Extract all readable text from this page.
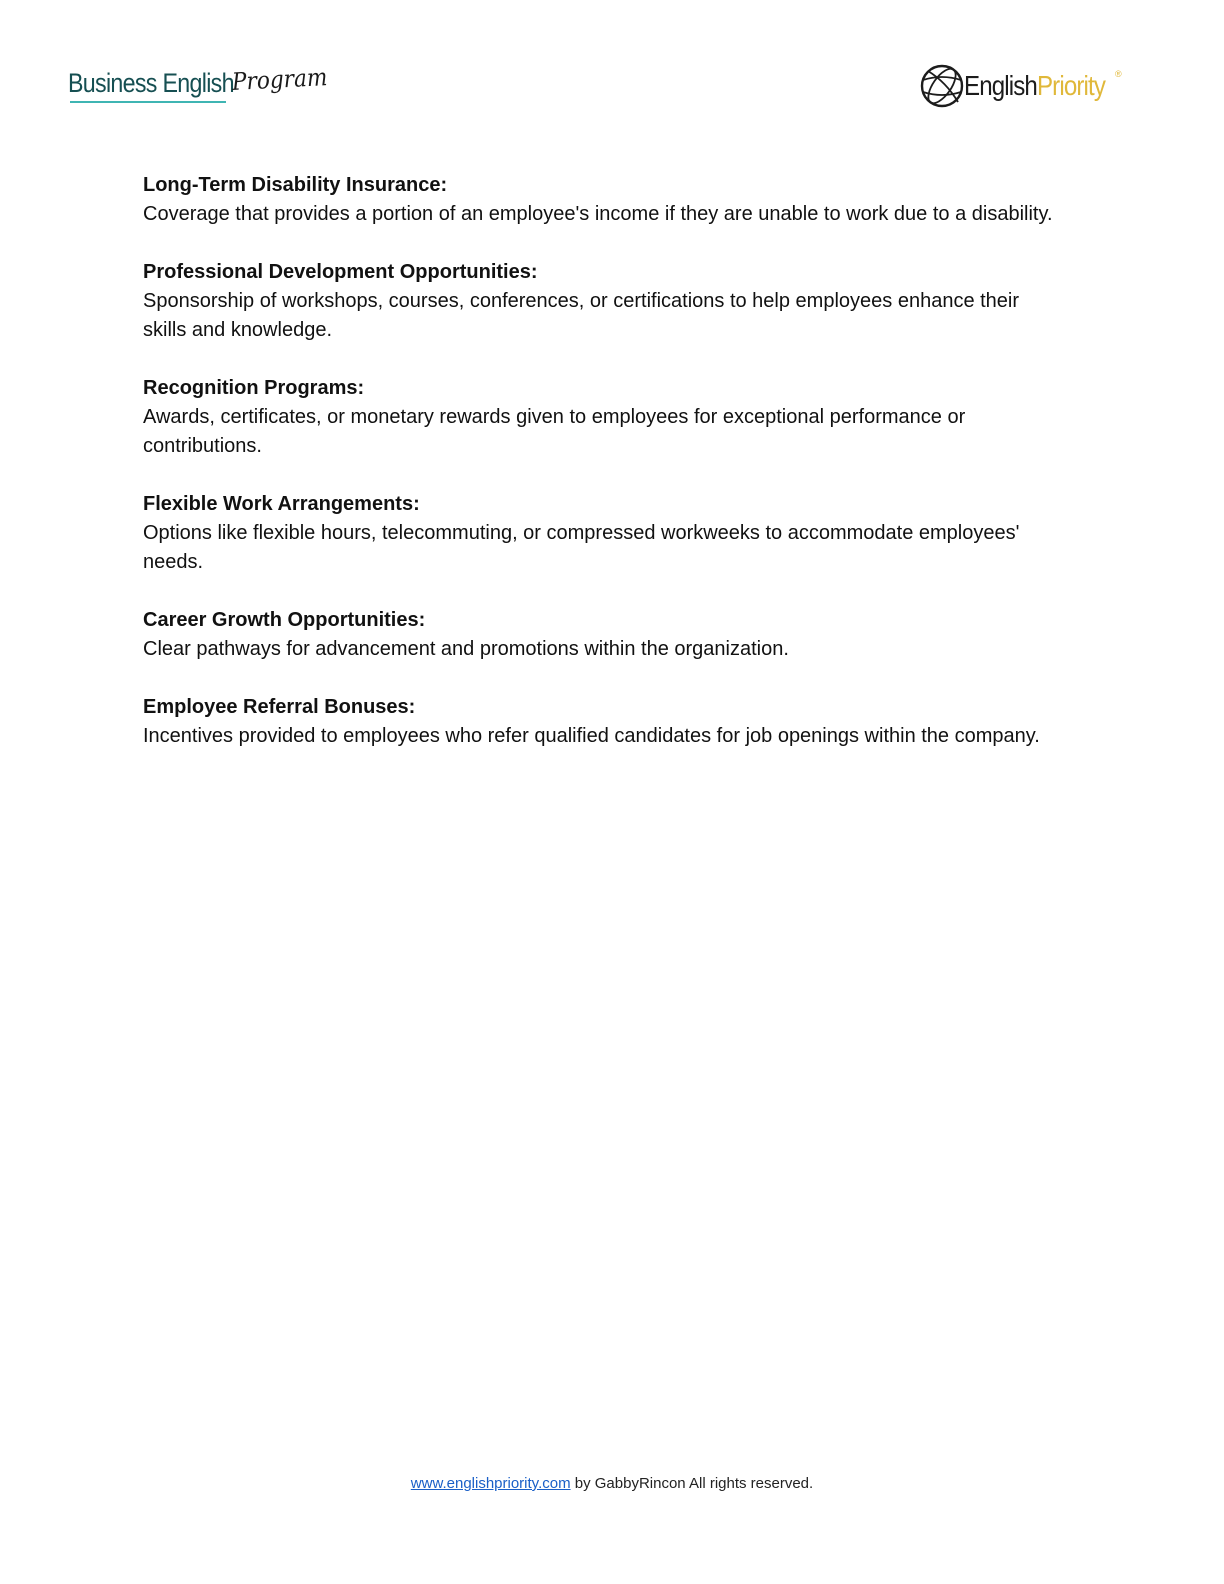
Business English
Program	EnglishPriority ®

Long-Term Disability Insurance:

Coverage that provides a portion of an employee's income if they are unable to work due to a disability.

Professional Development Opportunities:

Sponsorship of workshops, courses, conferences, or certifications to help employees enhance their skills and knowledge.

Recognition Programs:

Awards, certificates, or monetary rewards given to employees for exceptional performance or contributions.

Flexible Work Arrangements:

Options like flexible hours, telecommuting, or compressed workweeks to accommodate employees' needs.

Career Growth Opportunities:

Clear pathways for advancement and promotions within the organization.

Employee Referral Bonuses:

Incentives provided to employees who refer qualified candidates for job openings within the company.

www.englishpriority.com by GabbyRincon All rights reserved.
